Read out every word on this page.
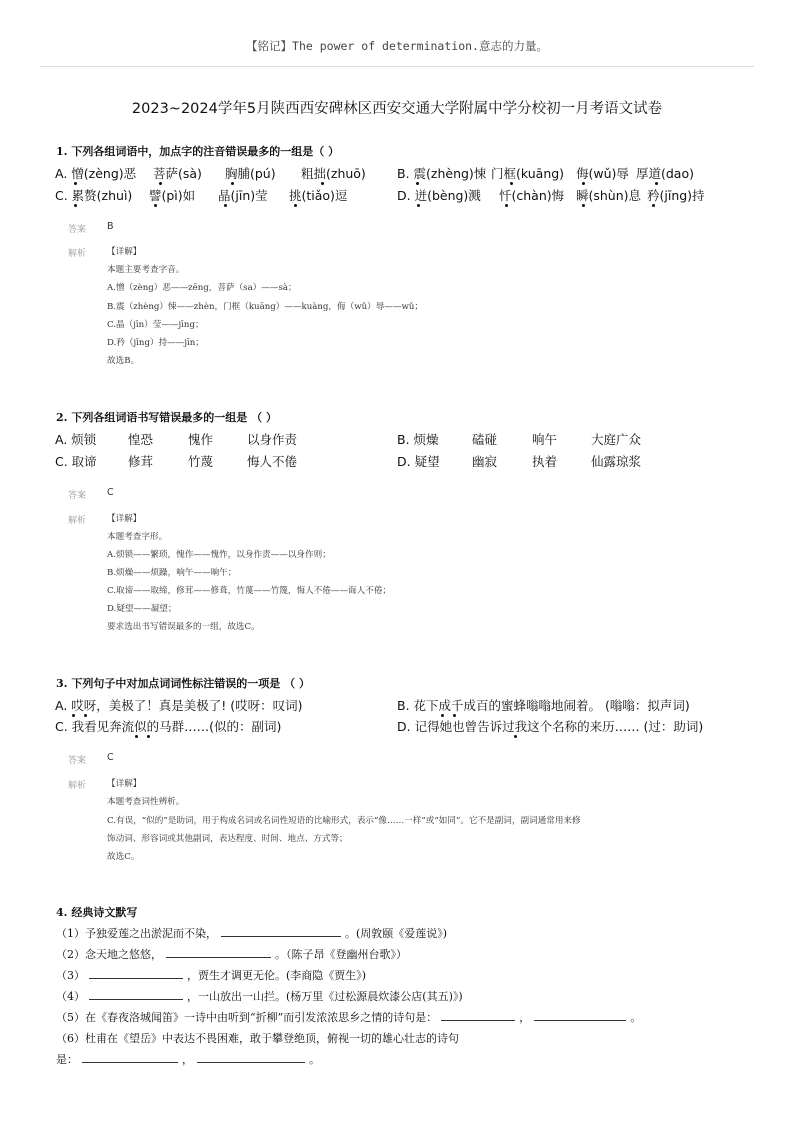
【铭记】The power of determination.意志的力量。
2023~2024学年5月陕西西安碑林区西安交通大学附属中学分校初一月考语文试卷
1. 下列各组词语中，加点字的注音错误最多的一组是（ ）
A. 憎(zèng)恶 菩萨(sà) 胸脯(pú) 粗拙(zhuō) B. 震(zhèng)悚 门框(kuāng) 侮(wǔ)辱 厚道(dao)
C. 累赘(zhuì) 譬(pì)如 晶(jīn)莹 挑(tiǎo)逗	D. 迸(bèng)溅 忏(chàn)悔 瞬(shùn)息 矜(jīng)持
答案 B
解析 【详解】
本题主要考查字音。
A.憎（zèng）恶——zēng，菩萨（sa）——sà；
B.震（zhèng）悚——zhèn，门框（kuāng）——kuàng，侮（wǔ）辱——wǔ；
C.晶（jīn）莹——jīng；
D.矜（jīng）持——jīn；
故选B。
2. 下列各组词语书写错误最多的一组是 （ ）
A. 烦锁	惶恐	愧作	以身作责	B. 烦燥	磕碰	响午	大庭广众
C. 取谛	修茸	竹蔑	悔人不倦	D. 疑望	幽寂	执着	仙露琼浆
答案 C
解析 【详解】
本题考查字形。
A.烦锁——繁琐，愧作——愧怍，以身作责——以身作则；
B.烦燥——烦躁，响午——晌午；
C.取谛——取缔，修茸——修葺，竹蔑——竹篾，悔人不倦——诲人不倦；
D.疑望——凝望；
要求选出书写错误最多的一组，故选C。
3. 下列句子中对加点词词性标注错误的一项是 （ ）
A. 哎呀，美极了！真是美极了! (哎呀：叹词)	B. 花下成千成百的蜜蜂嗡嗡地闹着。 (嗡嗡：拟声词)
C. 我看见奔流似的马群……(似的：副词)	D. 记得她也曾告诉过我这个名称的来历…… (过：助词)
答案 C
解析 【详解】
本题考查词性辨析。
C.有误，“似的”是助词，用于构成名词或名词性短语的比喻形式，表示“像……一样”或“如同”。它不是副词，副词通常用来修
饰动词、形容词或其他副词，表达程度、时间、地点、方式等；
故选C。
4. 经典诗文默写
（1）予独爱莲之出淤泥而不染，	。(周敦颐《爱莲说》)
（2）念天地之悠悠，	。（陈子昂《登幽州台歌》）
（3）	，贾生才调更无伦。(李商隐《贾生》)
（4）	，一山放出一山拦。(杨万里《过松源晨炊漆公店(其五)》)
（5）在《春夜洛城闻笛》一诗中由听到“折柳”而引发浓浓思乡之情的诗句是：	，	。
（6）杜甫在《望岳》中表达不畏困难，敢于攀登绝顶，俯视一切的雄心壮志的诗句
是：	，	。
